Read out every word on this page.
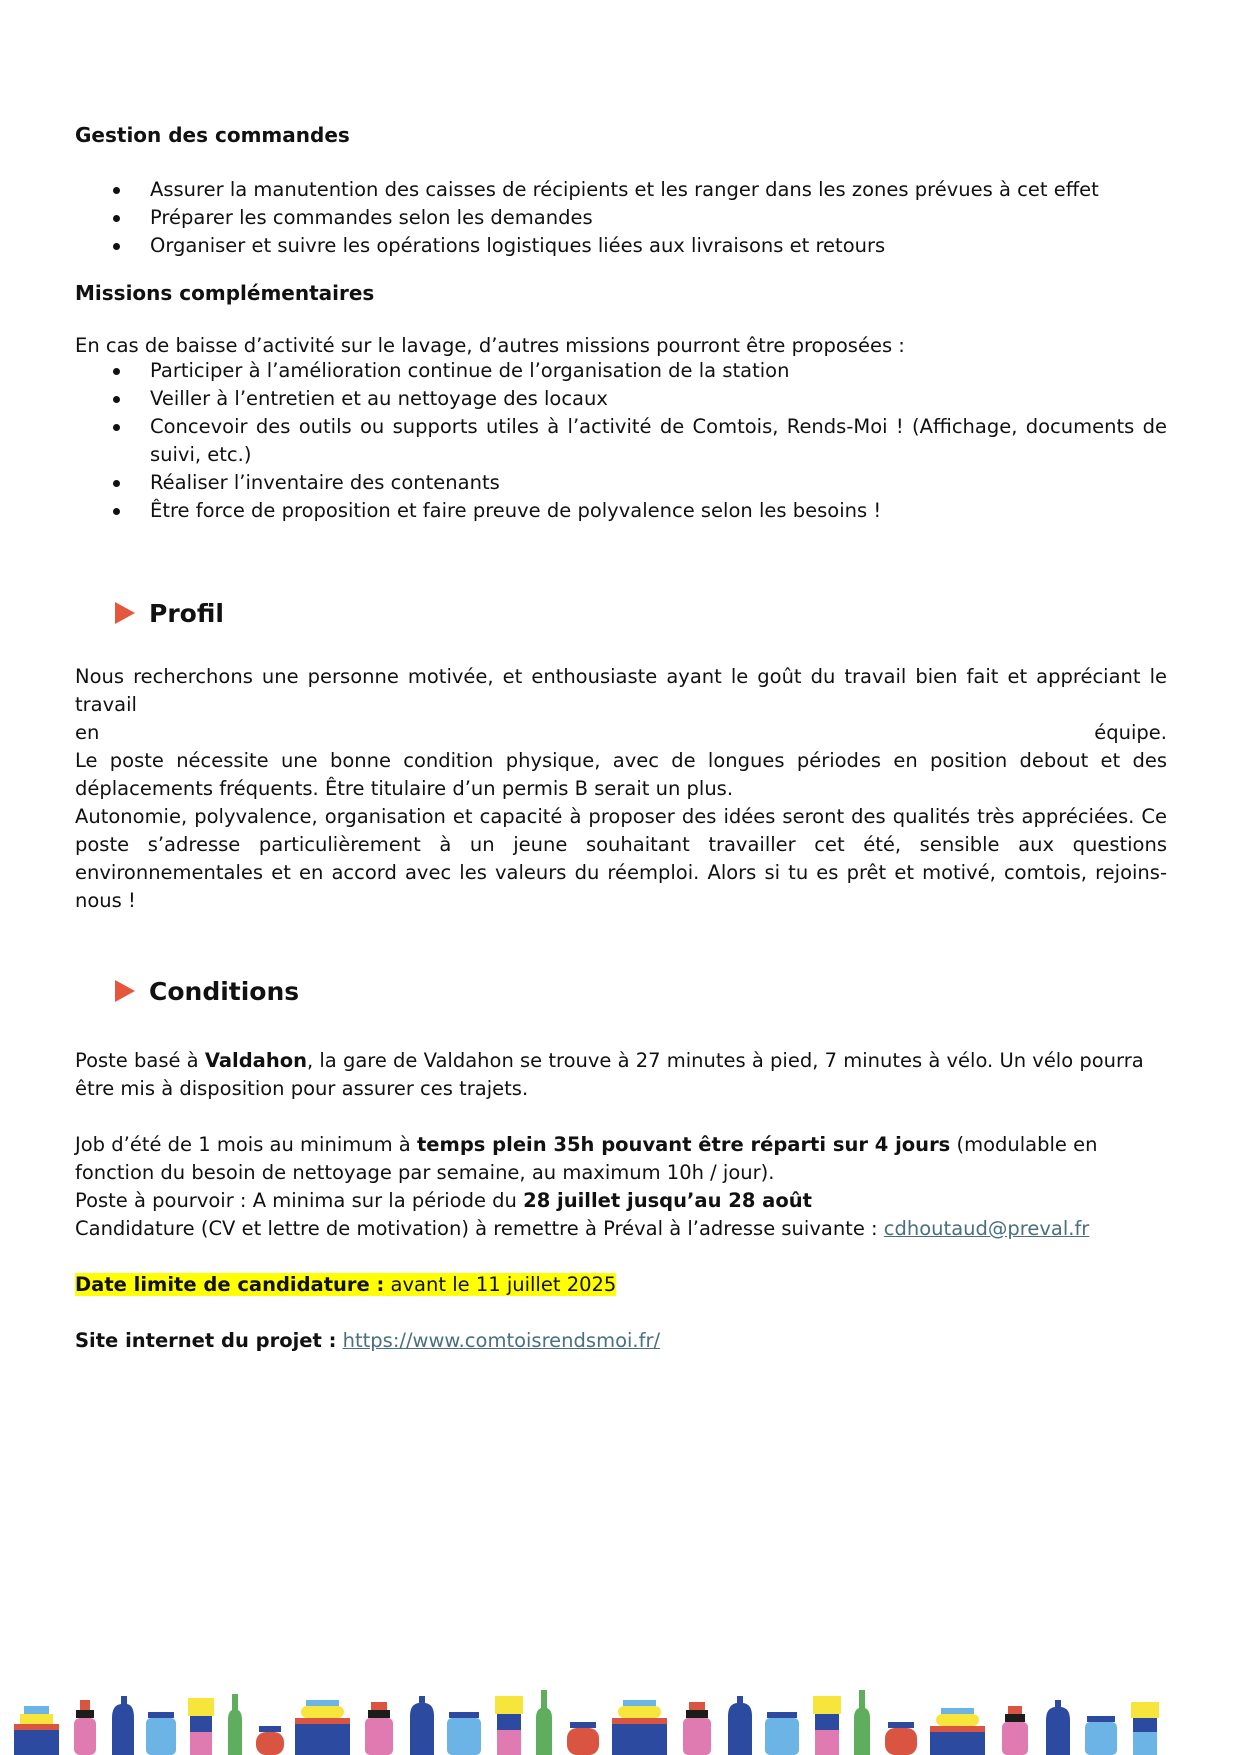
Gestion des commandes
Assurer la manutention des caisses de récipients et les ranger dans les zones prévues à cet effet
Préparer les commandes selon les demandes
Organiser et suivre les opérations logistiques liées aux livraisons et retours
Missions complémentaires
En cas de baisse d’activité sur le lavage, d’autres missions pourront être proposées :
Participer à l’amélioration continue de l’organisation de la station
Veiller à l’entretien et au nettoyage des locaux
Concevoir des outils ou supports utiles à l’activité de Comtois, Rends-Moi ! (Affichage, documents de suivi, etc.)
Réaliser l’inventaire des contenants
Être force de proposition et faire preuve de polyvalence selon les besoins !
Profil
Nous recherchons une personne motivée, et enthousiaste ayant le goût du travail bien fait et appréciant le travail
en	équipe.
Le poste nécessite une bonne condition physique, avec de longues périodes en position debout et des déplacements fréquents. Être titulaire d’un permis B serait un plus.
Autonomie, polyvalence, organisation et capacité à proposer des idées seront des qualités très appréciées. Ce poste s’adresse particulièrement à un jeune souhaitant travailler cet été, sensible aux questions environnementales et en accord avec les valeurs du réemploi. Alors si tu es prêt et motivé, comtois, rejoins-nous !
Conditions
Poste basé à Valdahon, la gare de Valdahon se trouve à 27 minutes à pied, 7 minutes à vélo. Un vélo pourra être mis à disposition pour assurer ces trajets.
Job d’été de 1 mois au minimum à temps plein 35h pouvant être réparti sur 4 jours (modulable en fonction du besoin de nettoyage par semaine, au maximum 10h / jour).
Poste à pourvoir : A minima sur la période du 28 juillet jusqu’au 28 août
Candidature (CV et lettre de motivation) à remettre à Préval à l’adresse suivante : cdhoutaud@preval.fr
Date limite de candidature : avant le 11 juillet 2025
Site internet du projet : https://www.comtoisrendsmoi.fr/
